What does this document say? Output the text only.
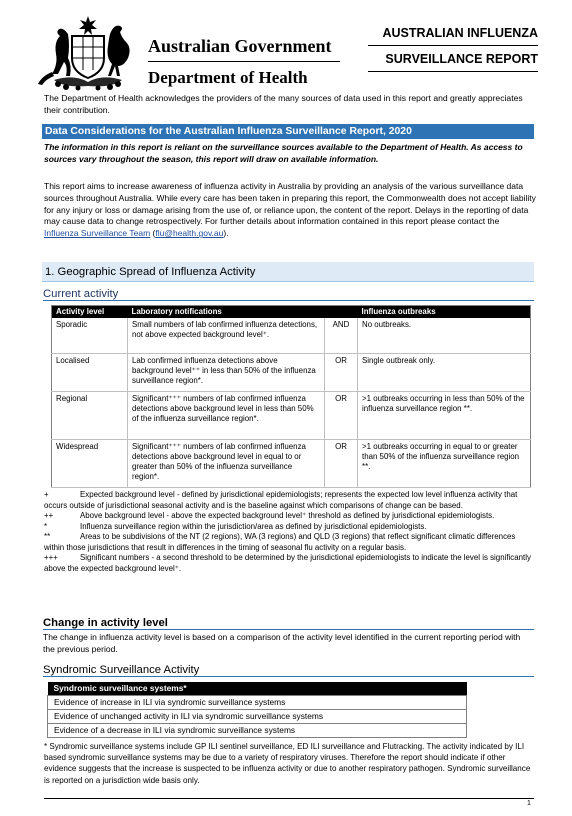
Australian Government
Department of Health
AUSTRALIAN INFLUENZA
SURVEILLANCE REPORT
The Department of Health acknowledges the providers of the many sources of data used in this report and greatly appreciates their contribution.
Data Considerations for the Australian Influenza Surveillance Report, 2020
The information in this report is reliant on the surveillance sources available to the Department of Health. As access to sources vary throughout the season, this report will draw on available information.
This report aims to increase awareness of influenza activity in Australia by providing an analysis of the various surveillance data sources throughout Australia. While every care has been taken in preparing this report, the Commonwealth does not accept liability for any injury or loss or damage arising from the use of, or reliance upon, the content of the report. Delays in the reporting of data may cause data to change retrospectively. For further details about information contained in this report please contact the Influenza Surveillance Team (flu@health.gov.au).
1. Geographic Spread of Influenza Activity
Current activity
Activity level	Laboratory notifications		Influenza outbreaks
Sporadic	Small numbers of lab confirmed influenza detections, not above expected background level⁺.	AND	No outbreaks.
Localised	Lab confirmed influenza detections above background level⁺⁺ in less than 50% of the influenza surveillance region*.	OR	Single outbreak only.
Regional	Significant⁺⁺⁺ numbers of lab confirmed influenza detections above background level in less than 50% of the influenza surveillance region*.	OR	>1 outbreaks occurring in less than 50% of the influenza surveillance region **.
Widespread	Significant⁺⁺⁺ numbers of lab confirmed influenza detections above background level in equal to or greater than 50% of the influenza surveillance region*.	OR	>1 outbreaks occurring in equal to or greater than 50% of the influenza surveillance region **.
+	Expected background level - defined by jurisdictional epidemiologists; represents the expected low level influenza activity that occurs outside of jurisdictional seasonal activity and is the baseline against which comparisons of change can be based.
++	Above background level - above the expected background level⁺ threshold as defined by jurisdictional epidemiologists.
*	Influenza surveillance region within the jurisdiction/area as defined by jurisdictional epidemiologists.
**	Areas to be subdivisions of the NT (2 regions), WA (3 regions) and QLD (3 regions) that reflect significant climatic differences within those jurisdictions that result in differences in the timing of seasonal flu activity on a regular basis.
+++	Significant numbers - a second threshold to be determined by the jurisdictional epidemiologists to indicate the level is significantly above the expected background level⁺.
Change in activity level
The change in influenza activity level is based on a comparison of the activity level identified in the current reporting period with the previous period.
Syndromic Surveillance Activity
Syndromic surveillance systems*
Evidence of increase in ILI via syndromic surveillance systems
Evidence of unchanged activity in ILI via syndromic surveillance systems
Evidence of a decrease in ILI via syndromic surveillance systems
* Syndromic surveillance systems include GP ILI sentinel surveillance, ED ILI surveillance and Flutracking. The activity indicated by ILI based syndromic surveillance systems may be due to a variety of respiratory viruses. Therefore the report should indicate if other evidence suggests that the increase is suspected to be influenza activity or due to another respiratory pathogen. Syndromic surveillance is reported on a jurisdiction wide basis only.
1
